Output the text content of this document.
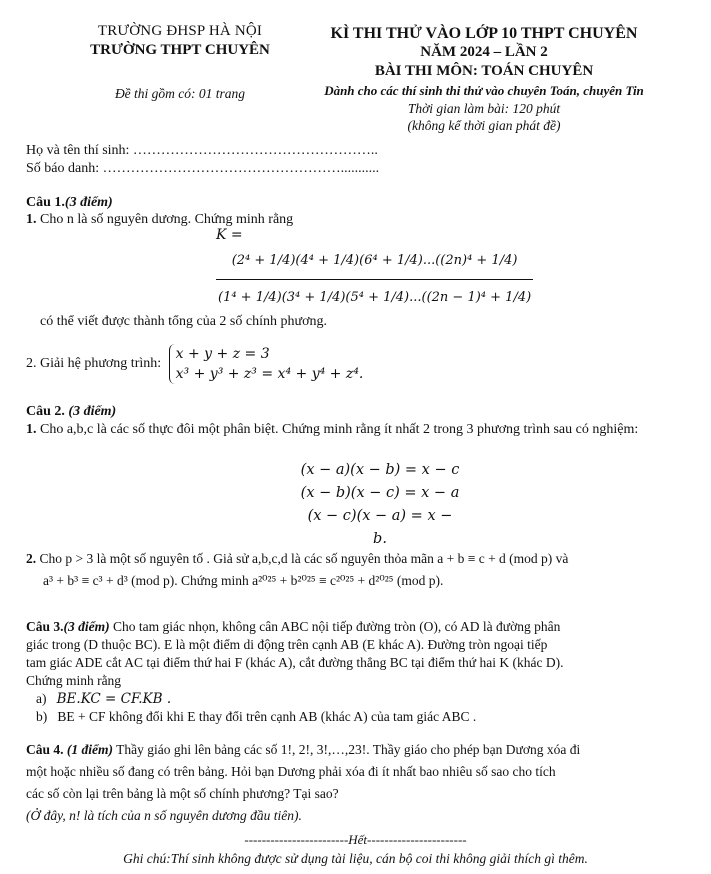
TRƯỜNG ĐHSP HÀ NỘI
TRƯỜNG THPT CHUYÊN
Đề thi gồm có: 01 trang
KÌ THI THỬ VÀO LỚP 10 THPT CHUYÊN
NĂM 2024 – LẦN 2
BÀI THI MÔN: TOÁN CHUYÊN
Dành cho các thí sinh thi thử vào chuyên Toán, chuyên Tin
Thời gian làm bài: 120 phút
(không kể thời gian phát đề)
Họ và tên thí sinh: ……………………………………………..
Số báo danh: ……………………………………………...........
Câu 1.(3 điểm)
1. Cho n là số nguyên dương. Chứng minh rằng
K =
$\frac{\text{(2⁴ + 1/4)(4⁴ + 1/4)(6⁴ + 1/4)...((2n)⁴ + 1/4)}}{\text{(1⁴ + 1/4)(3⁴ + 1/4)(5⁴ + 1/4)...((2n − 1)⁴ + 1/4)}}$
có thể viết được thành tổng của 2 số chính phương.
2. Giải hệ phương trình:
x + y + z = 3
x³ + y³ + z³ = x⁴ + y⁴ + z⁴.
Câu 2. (3 điểm)
1. Cho a,b,c là các số thực đôi một phân biệt. Chứng minh rằng ít nhất 2 trong 3 phương trình sau có nghiệm:
(x − a)(x − b) = x − c
(x − b)(x − c) = x − a
(x − c)(x − a) = x − b.
2. Cho p > 3 là một số nguyên tố . Giả sử a,b,c,d là các số nguyên thỏa mãn a + b ≡ c + d (mod p) và
a³ + b³ ≡ c³ + d³ (mod p). Chứng minh a²⁰²⁵ + b²⁰²⁵ ≡ c²⁰²⁵ + d²⁰²⁵ (mod p).
Câu 3.(3 điểm) Cho tam giác nhọn, không cân ABC nội tiếp đường tròn (O), có AD là đường phân
giác trong (D thuộc BC). E là một điểm di động trên cạnh AB (E khác A). Đường tròn ngoại tiếp
tam giác ADE cắt AC tại điểm thứ hai F (khác A), cắt đường thẳng BC tại điểm thứ hai K (khác D).
Chứng minh rằng
a) BE.KC = CF.KB .
b) BE + CF không đổi khi E thay đổi trên cạnh AB (khác A) của tam giác ABC .
Câu 4. (1 điểm) Thầy giáo ghi lên bảng các số 1!, 2!, 3!,…,23!. Thầy giáo cho phép bạn Dương xóa đi
một hoặc nhiều số đang có trên bảng. Hỏi bạn Dương phải xóa đi ít nhất bao nhiêu số sao cho tích
các số còn lại trên bảng là một số chính phương? Tại sao?
(Ở đây, n! là tích của n số nguyên dương đầu tiên).
------------------------Hết-----------------------
Ghi chú:Thí sinh không được sử dụng tài liệu, cán bộ coi thi không giải thích gì thêm.
